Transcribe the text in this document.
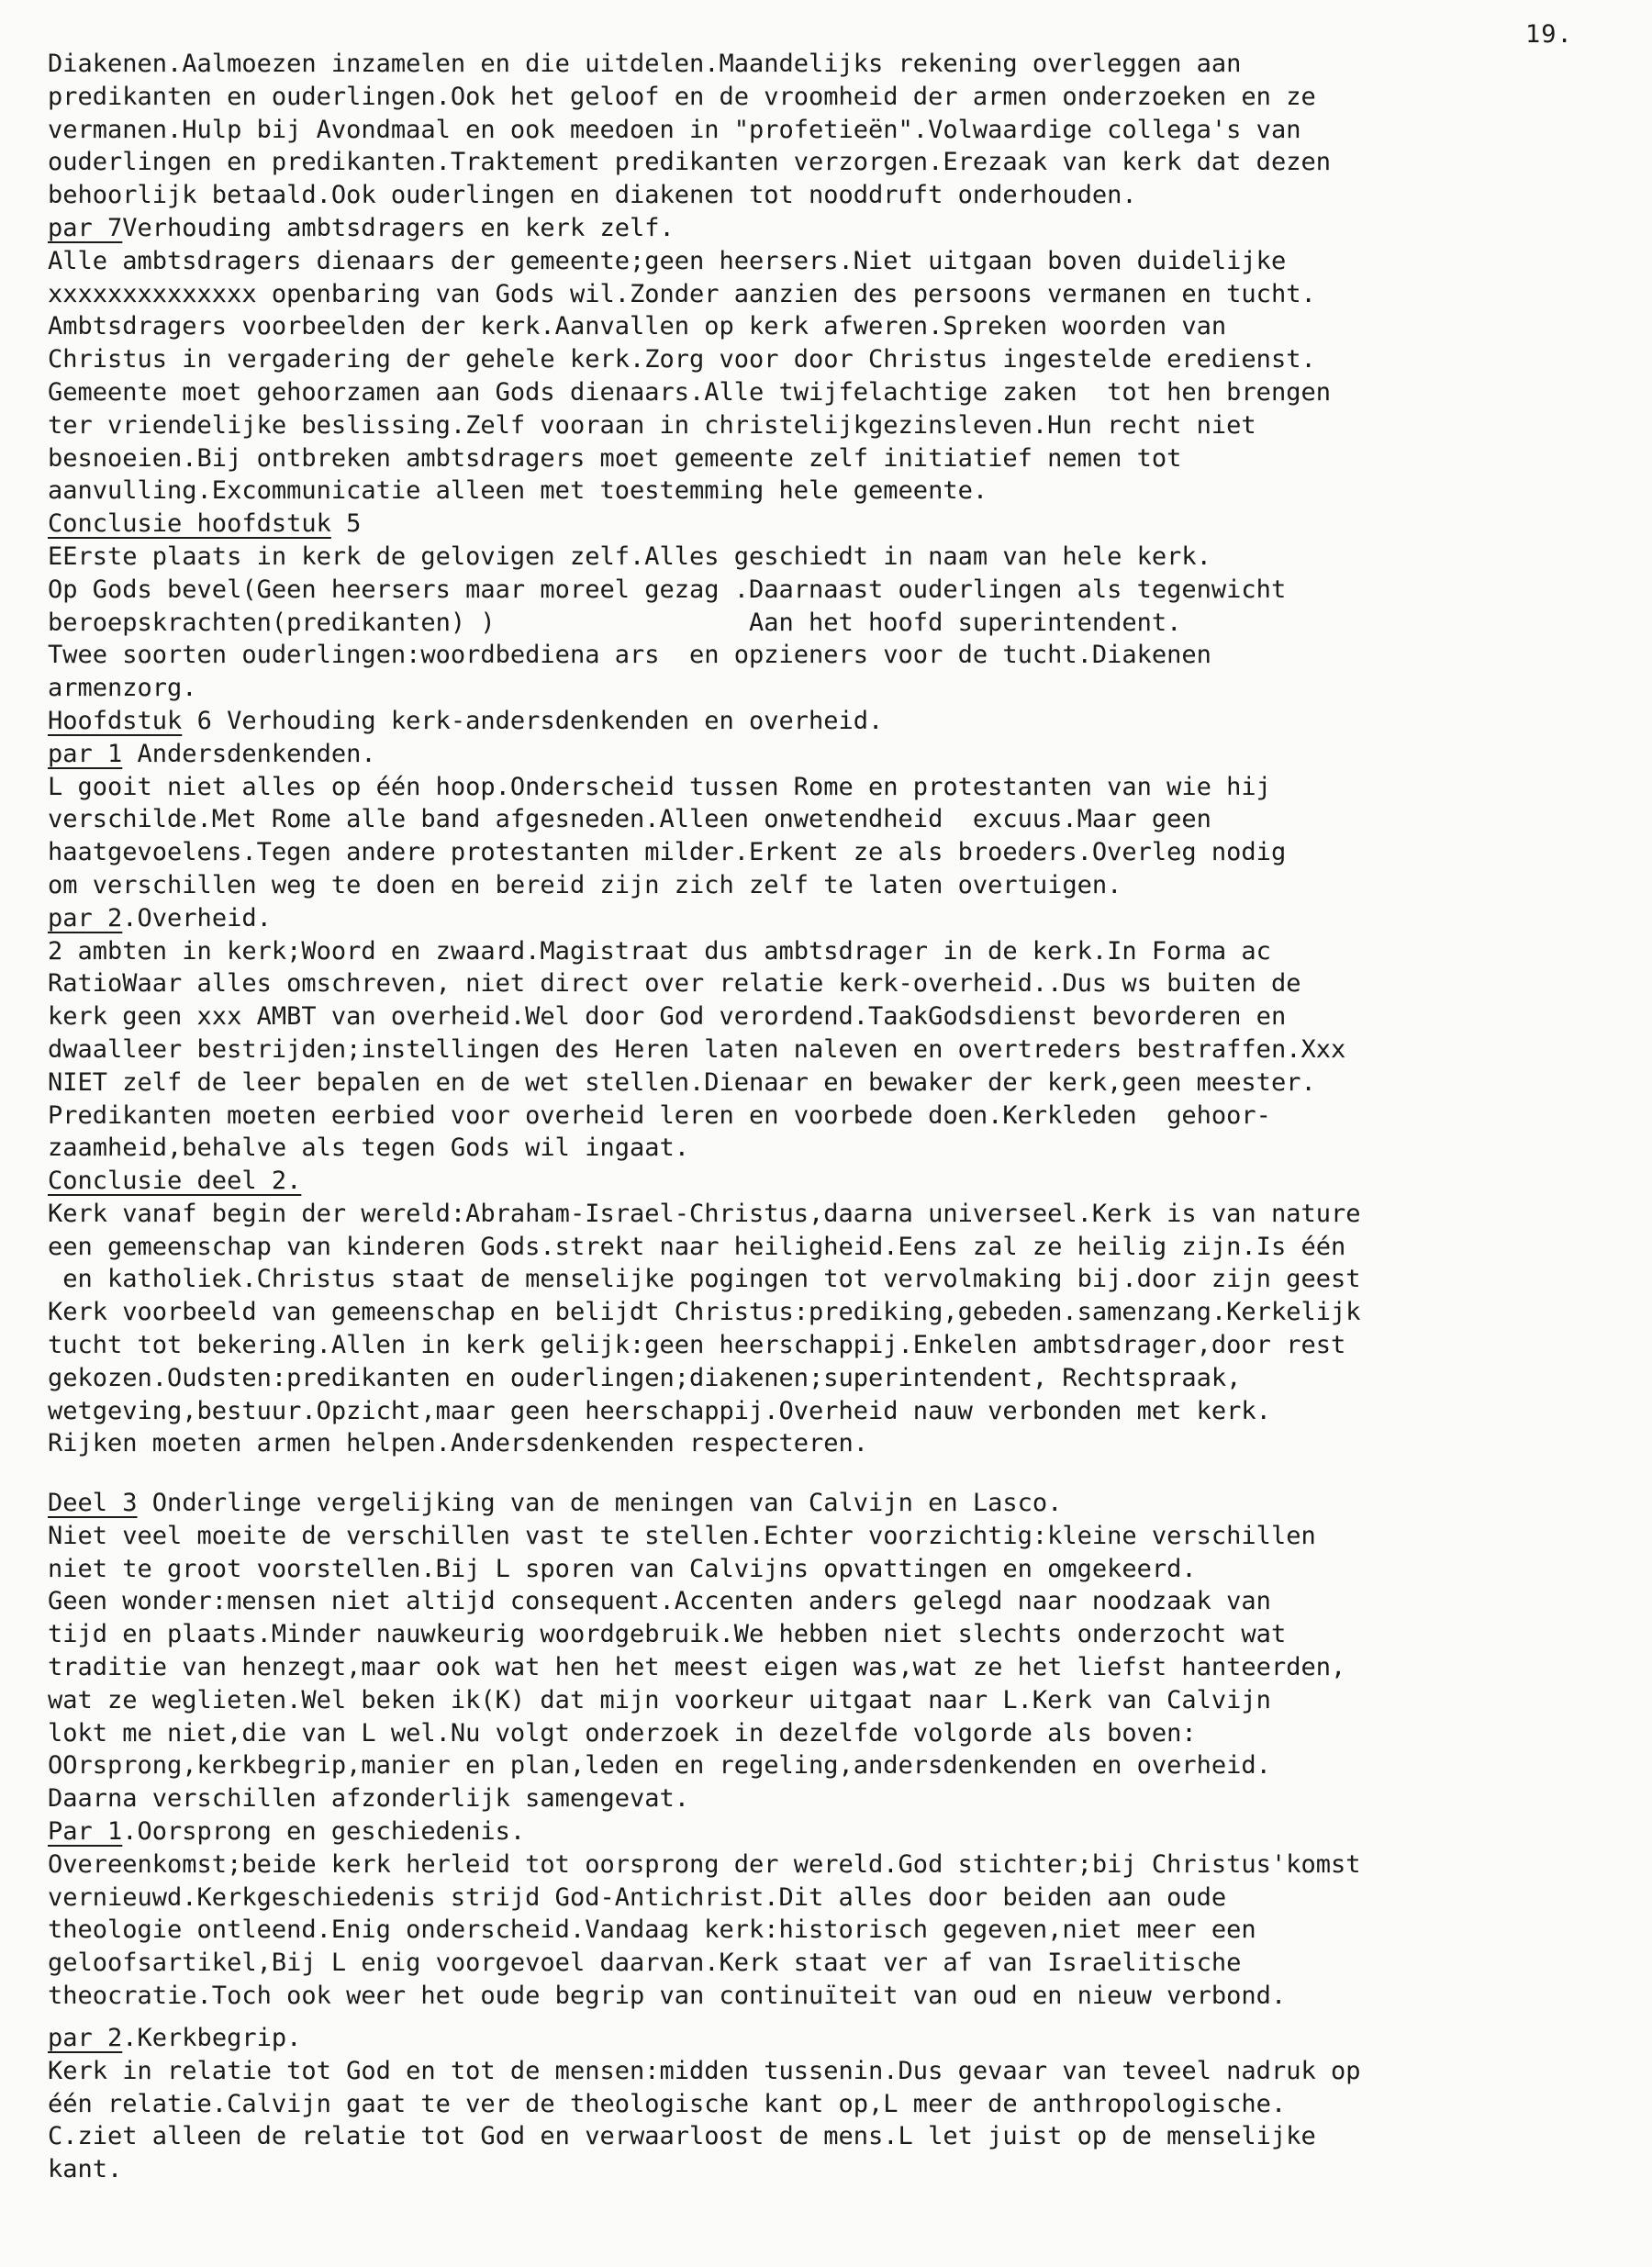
19.
Diakenen.Aalmoezen inzamelen en die uitdelen.Maandelijks rekening overleggen aan
predikanten en ouderlingen.Ook het geloof en de vroomheid der armen onderzoeken en ze
vermanen.Hulp bij Avondmaal en ook meedoen in "profetieën".Volwaardige collega's van
ouderlingen en predikanten.Traktement predikanten verzorgen.Erezaak van kerk dat dezen
behoorlijk betaald.Ook ouderlingen en diakenen tot nooddruft onderhouden.
par 7Verhouding ambtsdragers en kerk zelf.
Alle ambtsdragers dienaars der gemeente;geen heersers.Niet uitgaan boven duidelijke
xxxxxxxxxxxxxx openbaring van Gods wil.Zonder aanzien des persoons vermanen en tucht.
Ambtsdragers voorbeelden der kerk.Aanvallen op kerk afweren.Spreken woorden van
Christus in vergadering der gehele kerk.Zorg voor door Christus ingestelde eredienst.
Gemeente moet gehoorzamen aan Gods dienaars.Alle twijfelachtige zaken  tot hen brengen
ter vriendelijke beslissing.Zelf vooraan in christelijkgezinsleven.Hun recht niet
besnoeien.Bij ontbreken ambtsdragers moet gemeente zelf initiatief nemen tot
aanvulling.Excommunicatie alleen met toestemming hele gemeente.
Conclusie hoofdstuk 5
EErste plaats in kerk de gelovigen zelf.Alles geschiedt in naam van hele kerk.
Op Gods bevel(Geen heersers maar moreel gezag .Daarnaast ouderlingen als tegenwicht
beroepskrachten(predikanten) )                 Aan het hoofd superintendent.
Twee soorten ouderlingen:woordbediena ars  en opzieners voor de tucht.Diakenen
armenzorg.
Hoofdstuk 6 Verhouding kerk-andersdenkenden en overheid.
par 1 Andersdenkenden.
L gooit niet alles op één hoop.Onderscheid tussen Rome en protestanten van wie hij
verschilde.Met Rome alle band afgesneden.Alleen onwetendheid  excuus.Maar geen
haatgevoelens.Tegen andere protestanten milder.Erkent ze als broeders.Overleg nodig
om verschillen weg te doen en bereid zijn zich zelf te laten overtuigen.
par 2.Overheid.
2 ambten in kerk;Woord en zwaard.Magistraat dus ambtsdrager in de kerk.In Forma ac
RatioWaar alles omschreven, niet direct over relatie kerk-overheid..Dus ws buiten de
kerk geen xxx AMBT van overheid.Wel door God verordend.TaakGodsdienst bevorderen en
dwaalleer bestrijden;instellingen des Heren laten naleven en overtreders bestraffen.Xxx
NIET zelf de leer bepalen en de wet stellen.Dienaar en bewaker der kerk,geen meester.
Predikanten moeten eerbied voor overheid leren en voorbede doen.Kerkleden  gehoor-
zaamheid,behalve als tegen Gods wil ingaat.
Conclusie deel 2.
Kerk vanaf begin der wereld:Abraham-Israel-Christus,daarna universeel.Kerk is van nature
een gemeenschap van kinderen Gods.strekt naar heiligheid.Eens zal ze heilig zijn.Is één
en katholiek.Christus staat de menselijke pogingen tot vervolmaking bij.door zijn geest
Kerk voorbeeld van gemeenschap en belijdt Christus:prediking,gebeden.samenzang.Kerkelijk
tucht tot bekering.Allen in kerk gelijk:geen heerschappij.Enkelen ambtsdrager,door rest
gekozen.Oudsten:predikanten en ouderlingen;diakenen;superintendent, Rechtspraak,
wetgeving,bestuur.Opzicht,maar geen heerschappij.Overheid nauw verbonden met kerk.
Rijken moeten armen helpen.Andersdenkenden respecteren.
Deel 3 Onderlinge vergelijking van de meningen van Calvijn en Lasco.
Niet veel moeite de verschillen vast te stellen.Echter voorzichtig:kleine verschillen
niet te groot voorstellen.Bij L sporen van Calvijns opvattingen en omgekeerd.
Geen wonder:mensen niet altijd consequent.Accenten anders gelegd naar noodzaak van
tijd en plaats.Minder nauwkeurig woordgebruik.We hebben niet slechts onderzocht wat
traditie van henzegt,maar ook wat hen het meest eigen was,wat ze het liefst hanteerden,
wat ze weglieten.Wel beken ik(K) dat mijn voorkeur uitgaat naar L.Kerk van Calvijn
lokt me niet,die van L wel.Nu volgt onderzoek in dezelfde volgorde als boven:
OOrsprong,kerkbegrip,manier en plan,leden en regeling,andersdenkenden en overheid.
Daarna verschillen afzonderlijk samengevat.
Par 1.Oorsprong en geschiedenis.
Overeenkomst;beide kerk herleid tot oorsprong der wereld.God stichter;bij Christus'komst
vernieuwd.Kerkgeschiedenis strijd God-Antichrist.Dit alles door beiden aan oude
theologie ontleend.Enig onderscheid.Vandaag kerk:historisch gegeven,niet meer een
geloofsartikel,Bij L enig voorgevoel daarvan.Kerk staat ver af van Israelitische
theocratie.Toch ook weer het oude begrip van continuïteit van oud en nieuw verbond.
par 2.Kerkbegrip.
Kerk in relatie tot God en tot de mensen:midden tussenin.Dus gevaar van teveel nadruk op
één relatie.Calvijn gaat te ver de theologische kant op,L meer de anthropologische.
C.ziet alleen de relatie tot God en verwaarloost de mens.L let juist op de menselijke
kant.
